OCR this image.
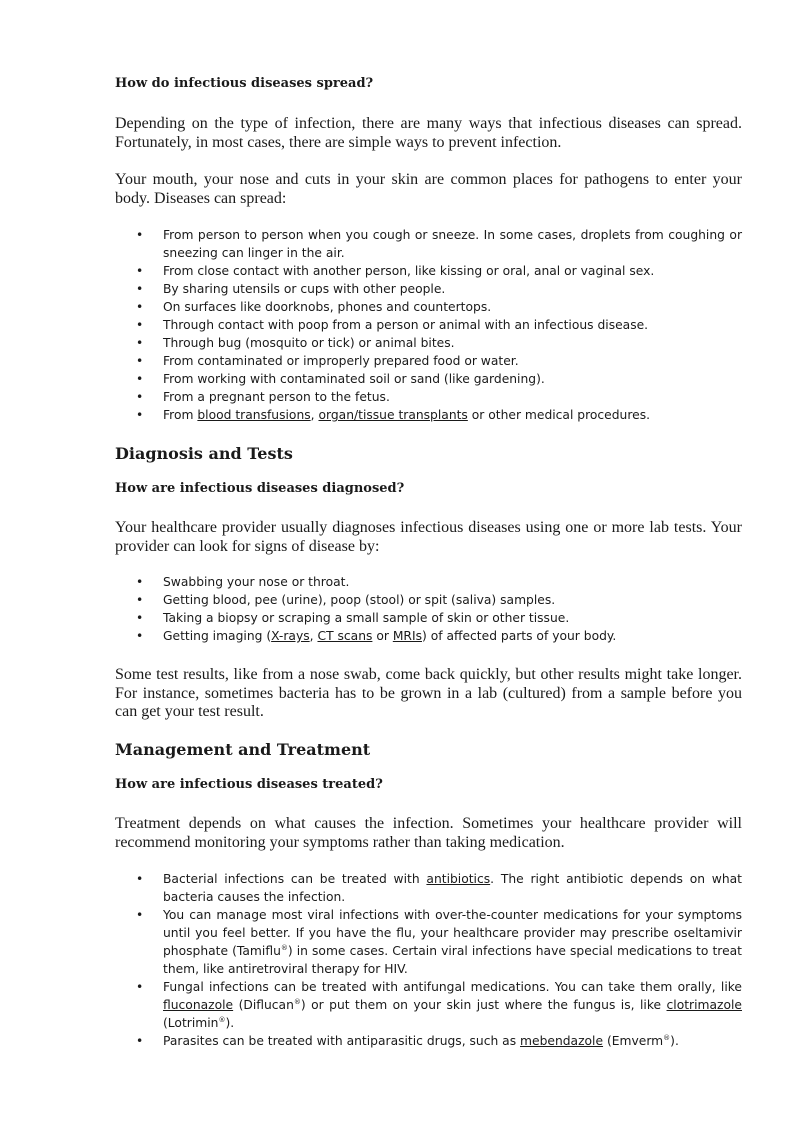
How do infectious diseases spread?

Depending on the type of infection, there are many ways that infectious diseases can spread. Fortunately, in most cases, there are simple ways to prevent infection.

Your mouth, your nose and cuts in your skin are common places for pathogens to enter your body. Diseases can spread:

• From person to person when you cough or sneeze. In some cases, droplets from coughing or sneezing can linger in the air.
• From close contact with another person, like kissing or oral, anal or vaginal sex.
• By sharing utensils or cups with other people.
• On surfaces like doorknobs, phones and countertops.
• Through contact with poop from a person or animal with an infectious disease.
• Through bug (mosquito or tick) or animal bites.
• From contaminated or improperly prepared food or water.
• From working with contaminated soil or sand (like gardening).
• From a pregnant person to the fetus.
• From blood transfusions, organ/tissue transplants or other medical procedures.
Diagnosis and Tests
How are infectious diseases diagnosed?

Your healthcare provider usually diagnoses infectious diseases using one or more lab tests. Your provider can look for signs of disease by:

• Swabbing your nose or throat.
• Getting blood, pee (urine), poop (stool) or spit (saliva) samples.
• Taking a biopsy or scraping a small sample of skin or other tissue.
• Getting imaging (X-rays, CT scans or MRIs) of affected parts of your body.

Some test results, like from a nose swab, come back quickly, but other results might take longer. For instance, sometimes bacteria has to be grown in a lab (cultured) from a sample before you can get your test result.

Management and Treatment
How are infectious diseases treated?

Treatment depends on what causes the infection. Sometimes your healthcare provider will recommend monitoring your symptoms rather than taking medication.

• Bacterial infections can be treated with antibiotics. The right antibiotic depends on what bacteria causes the infection.
• You can manage most viral infections with over-the-counter medications for your symptoms until you feel better. If you have the flu, your healthcare provider may prescribe oseltamivir phosphate (Tamiflu®) in some cases. Certain viral infections have special medications to treat them, like antiretroviral therapy for HIV.
• Fungal infections can be treated with antifungal medications. You can take them orally, like fluconazole (Diflucan®) or put them on your skin just where the fungus is, like clotrimazole (Lotrimin®).
• Parasites can be treated with antiparasitic drugs, such as mebendazole (Emverm®).
